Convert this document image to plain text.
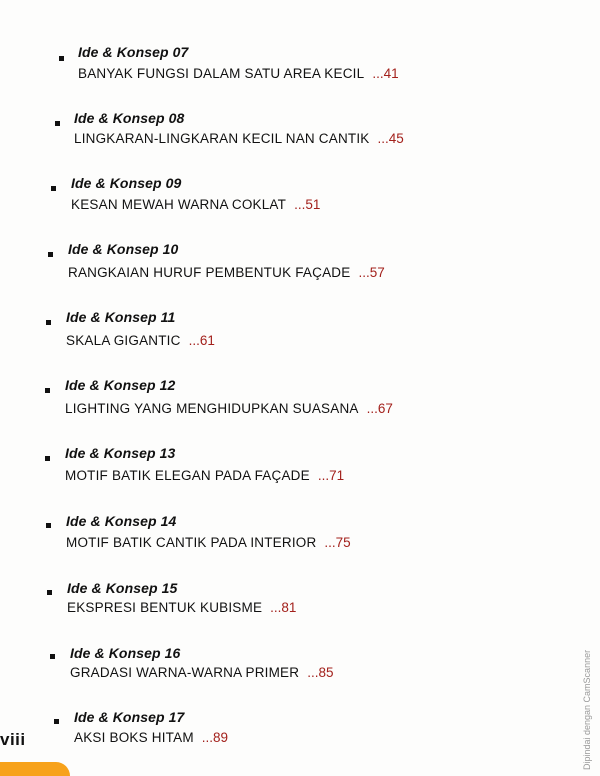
Ide & Konsep 07
BANYAK FUNGSI DALAM SATU AREA KECIL ...41
Ide & Konsep 08
LINGKARAN-LINGKARAN KECIL NAN CANTIK ...45
Ide & Konsep 09
KESAN MEWAH WARNA COKLAT ...51
Ide & Konsep 10
RANGKAIAN HURUF PEMBENTUK FAÇADE ...57
Ide & Konsep 11
SKALA GIGANTIC ...61
Ide & Konsep 12
LIGHTING YANG MENGHIDUPKAN SUASANA ...67
Ide & Konsep 13
MOTIF BATIK ELEGAN PADA FAÇADE ...71
Ide & Konsep 14
MOTIF BATIK CANTIK PADA INTERIOR ...75
Ide & Konsep 15
EKSPRESI BENTUK KUBISME ...81
Ide & Konsep 16
GRADASI WARNA-WARNA PRIMER ...85
Ide & Konsep 17
AKSI BOKS HITAM ...89
viii	Dipindai dengan CamScanner
